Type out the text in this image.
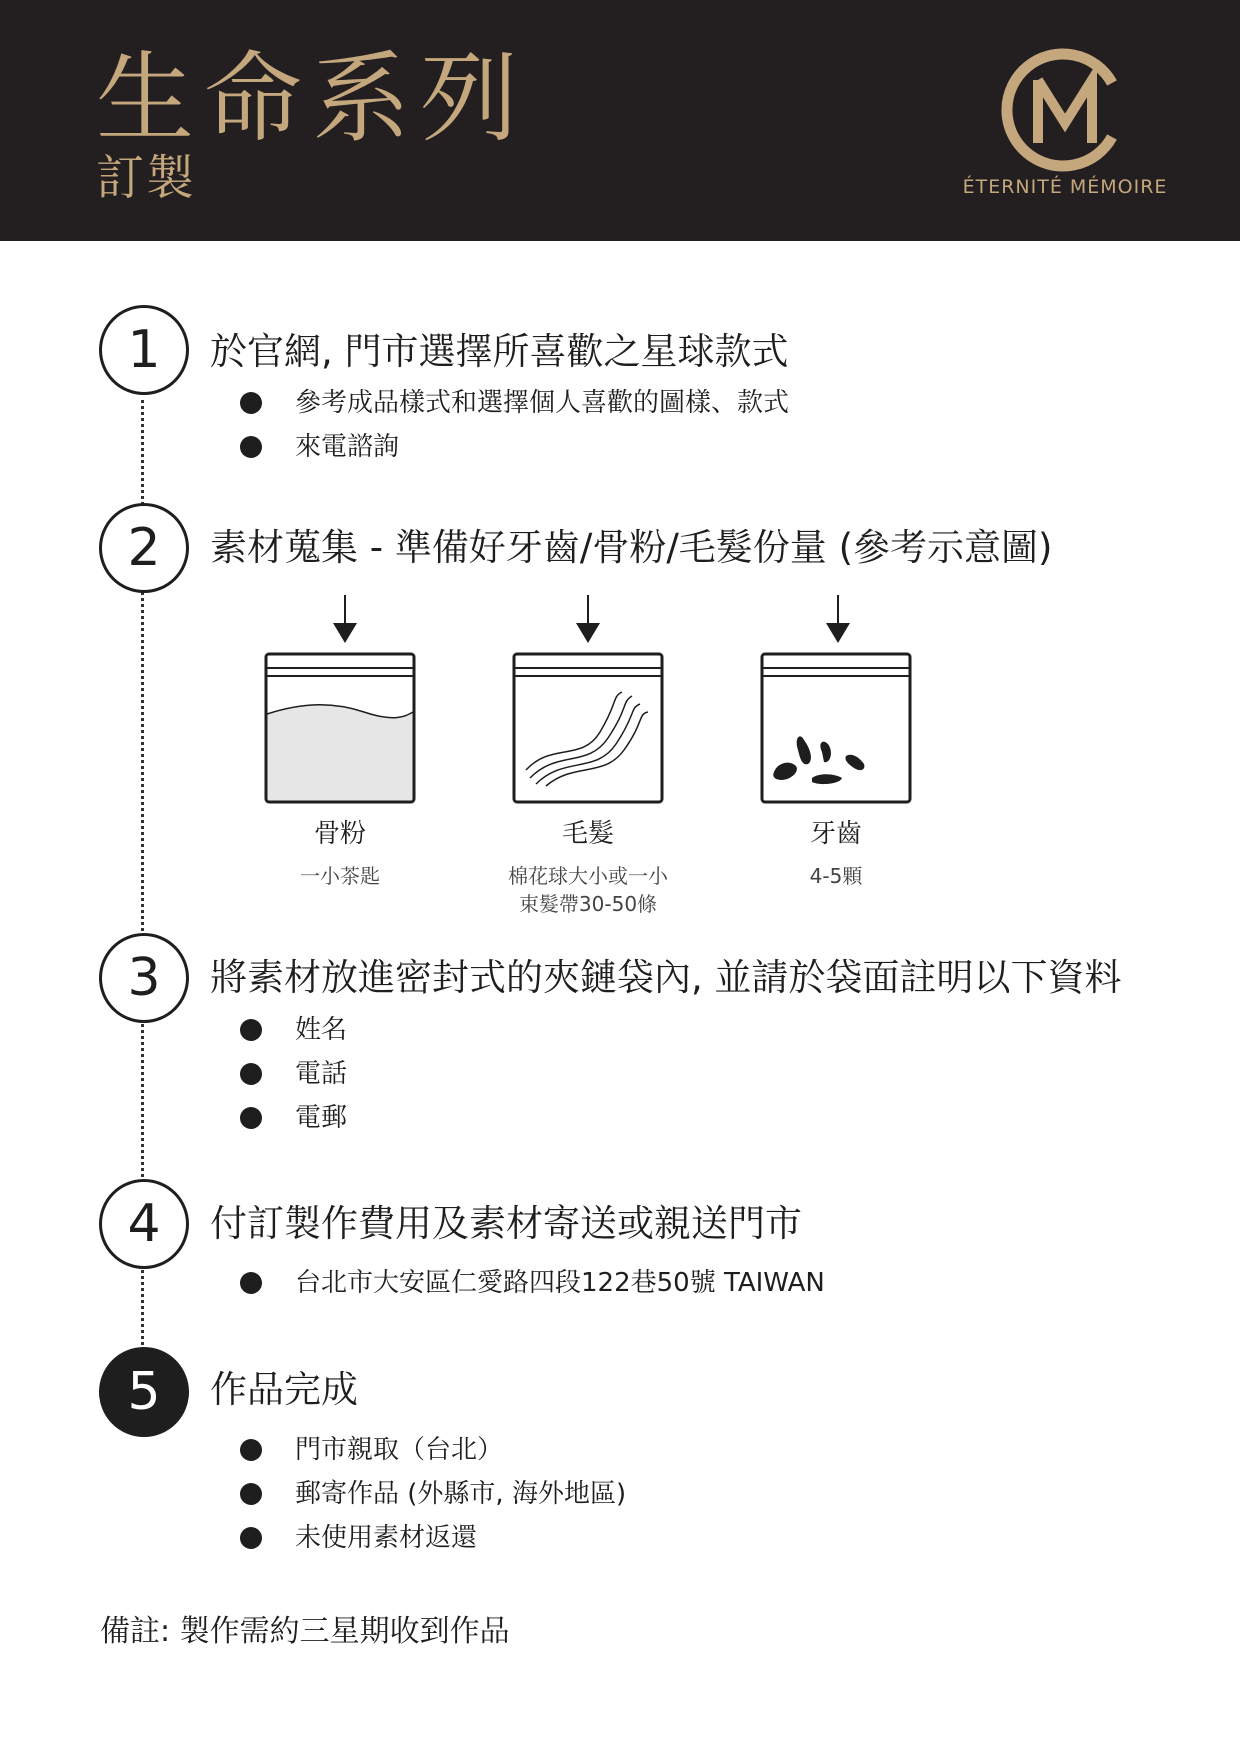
生命系列
訂製	ÉTERNITÉ MÉMOIRE
1	於官網, 門市選擇所喜歡之星球款式
參考成品樣式和選擇個人喜歡的圖樣、款式
來電諮詢
2	素材蒐集 - 準備好牙齒/骨粉/毛髮份量 (參考示意圖)
骨粉
一小茶匙
毛髮
棉花球大小或一小
束髮帶30-50條
牙齒
4-5顆
3	將素材放進密封式的夾鏈袋內, 並請於袋面註明以下資料
姓名
電話
電郵
4	付訂製作費用及素材寄送或親送門市
台北市大安區仁愛路四段122巷50號 TAIWAN
5	作品完成
門市親取（台北）
郵寄作品 (外縣市, 海外地區)
未使用素材返還
備註: 製作需約三星期收到作品
